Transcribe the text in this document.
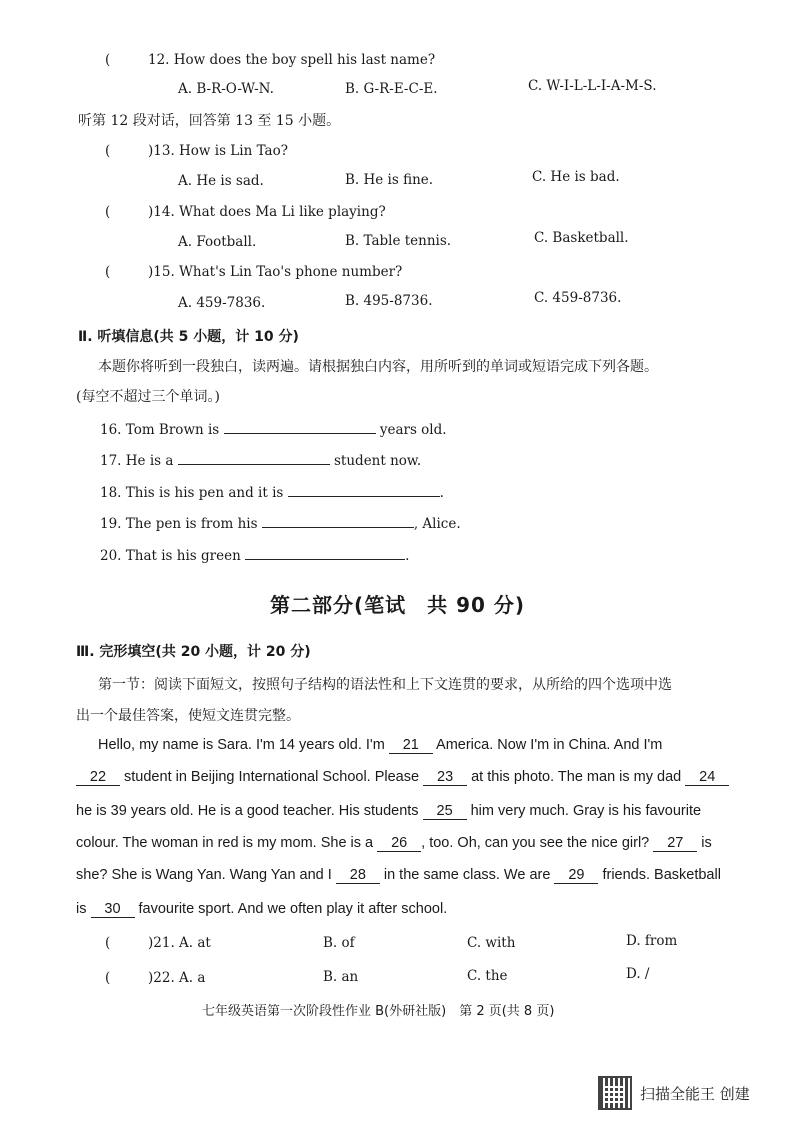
(	12. How does the boy spell his last name?
A. B-R-O-W-N.	B. G-R-E-C-E.	C. W-I-L-L-I-A-M-S.
听第 12 段对话，回答第 13 至 15 小题。
(	)13. How is Lin Tao?
A. He is sad.	B. He is fine.	C. He is bad.
(	)14. What does Ma Li like playing?
A. Football.	B. Table tennis.	C. Basketball.
(	)15. What's Lin Tao's phone number?
A. 459-7836.	B. 495-8736.	C. 459-8736.
Ⅱ. 听填信息(共 5 小题，计 10 分)
本题你将听到一段独白，读两遍。请根据独白内容，用所听到的单词或短语完成下列各题。
(每空不超过三个单词。)
16. Tom Brown is	years old.
17. He is a	student now.
18. This is his pen and it is	.
19. The pen is from his	, Alice.
20. That is his green	.
第二部分(笔试　共 90 分)
Ⅲ. 完形填空(共 20 小题，计 20 分)
第一节：阅读下面短文，按照句子结构的语法性和上下文连贯的要求，从所给的四个选项中选
出一个最佳答案，使短文连贯完整。
Hello, my name is Sara. I'm 14 years old. I'm 21 America. Now I'm in China. And I'm
22 student in Beijing International School. Please 23 at this photo. The man is my dad 24
he is 39 years old. He is a good teacher. His students 25 him very much. Gray is his favourite
colour. The woman in red is my mom. She is a 26 , too. Oh, can you see the nice girl? 27 is
she? She is Wang Yan. Wang Yan and I 28 in the same class. We are 29 friends. Basketball
is 30 favourite sport. And we often play it after school.
(	)21. A. at	B. of	C. with	D. from
(	)22. A. a	B. an	C. the	D. /
七年级英语第一次阶段性作业 B(外研社版)　第 2 页(共 8 页)
扫描全能王 创建
